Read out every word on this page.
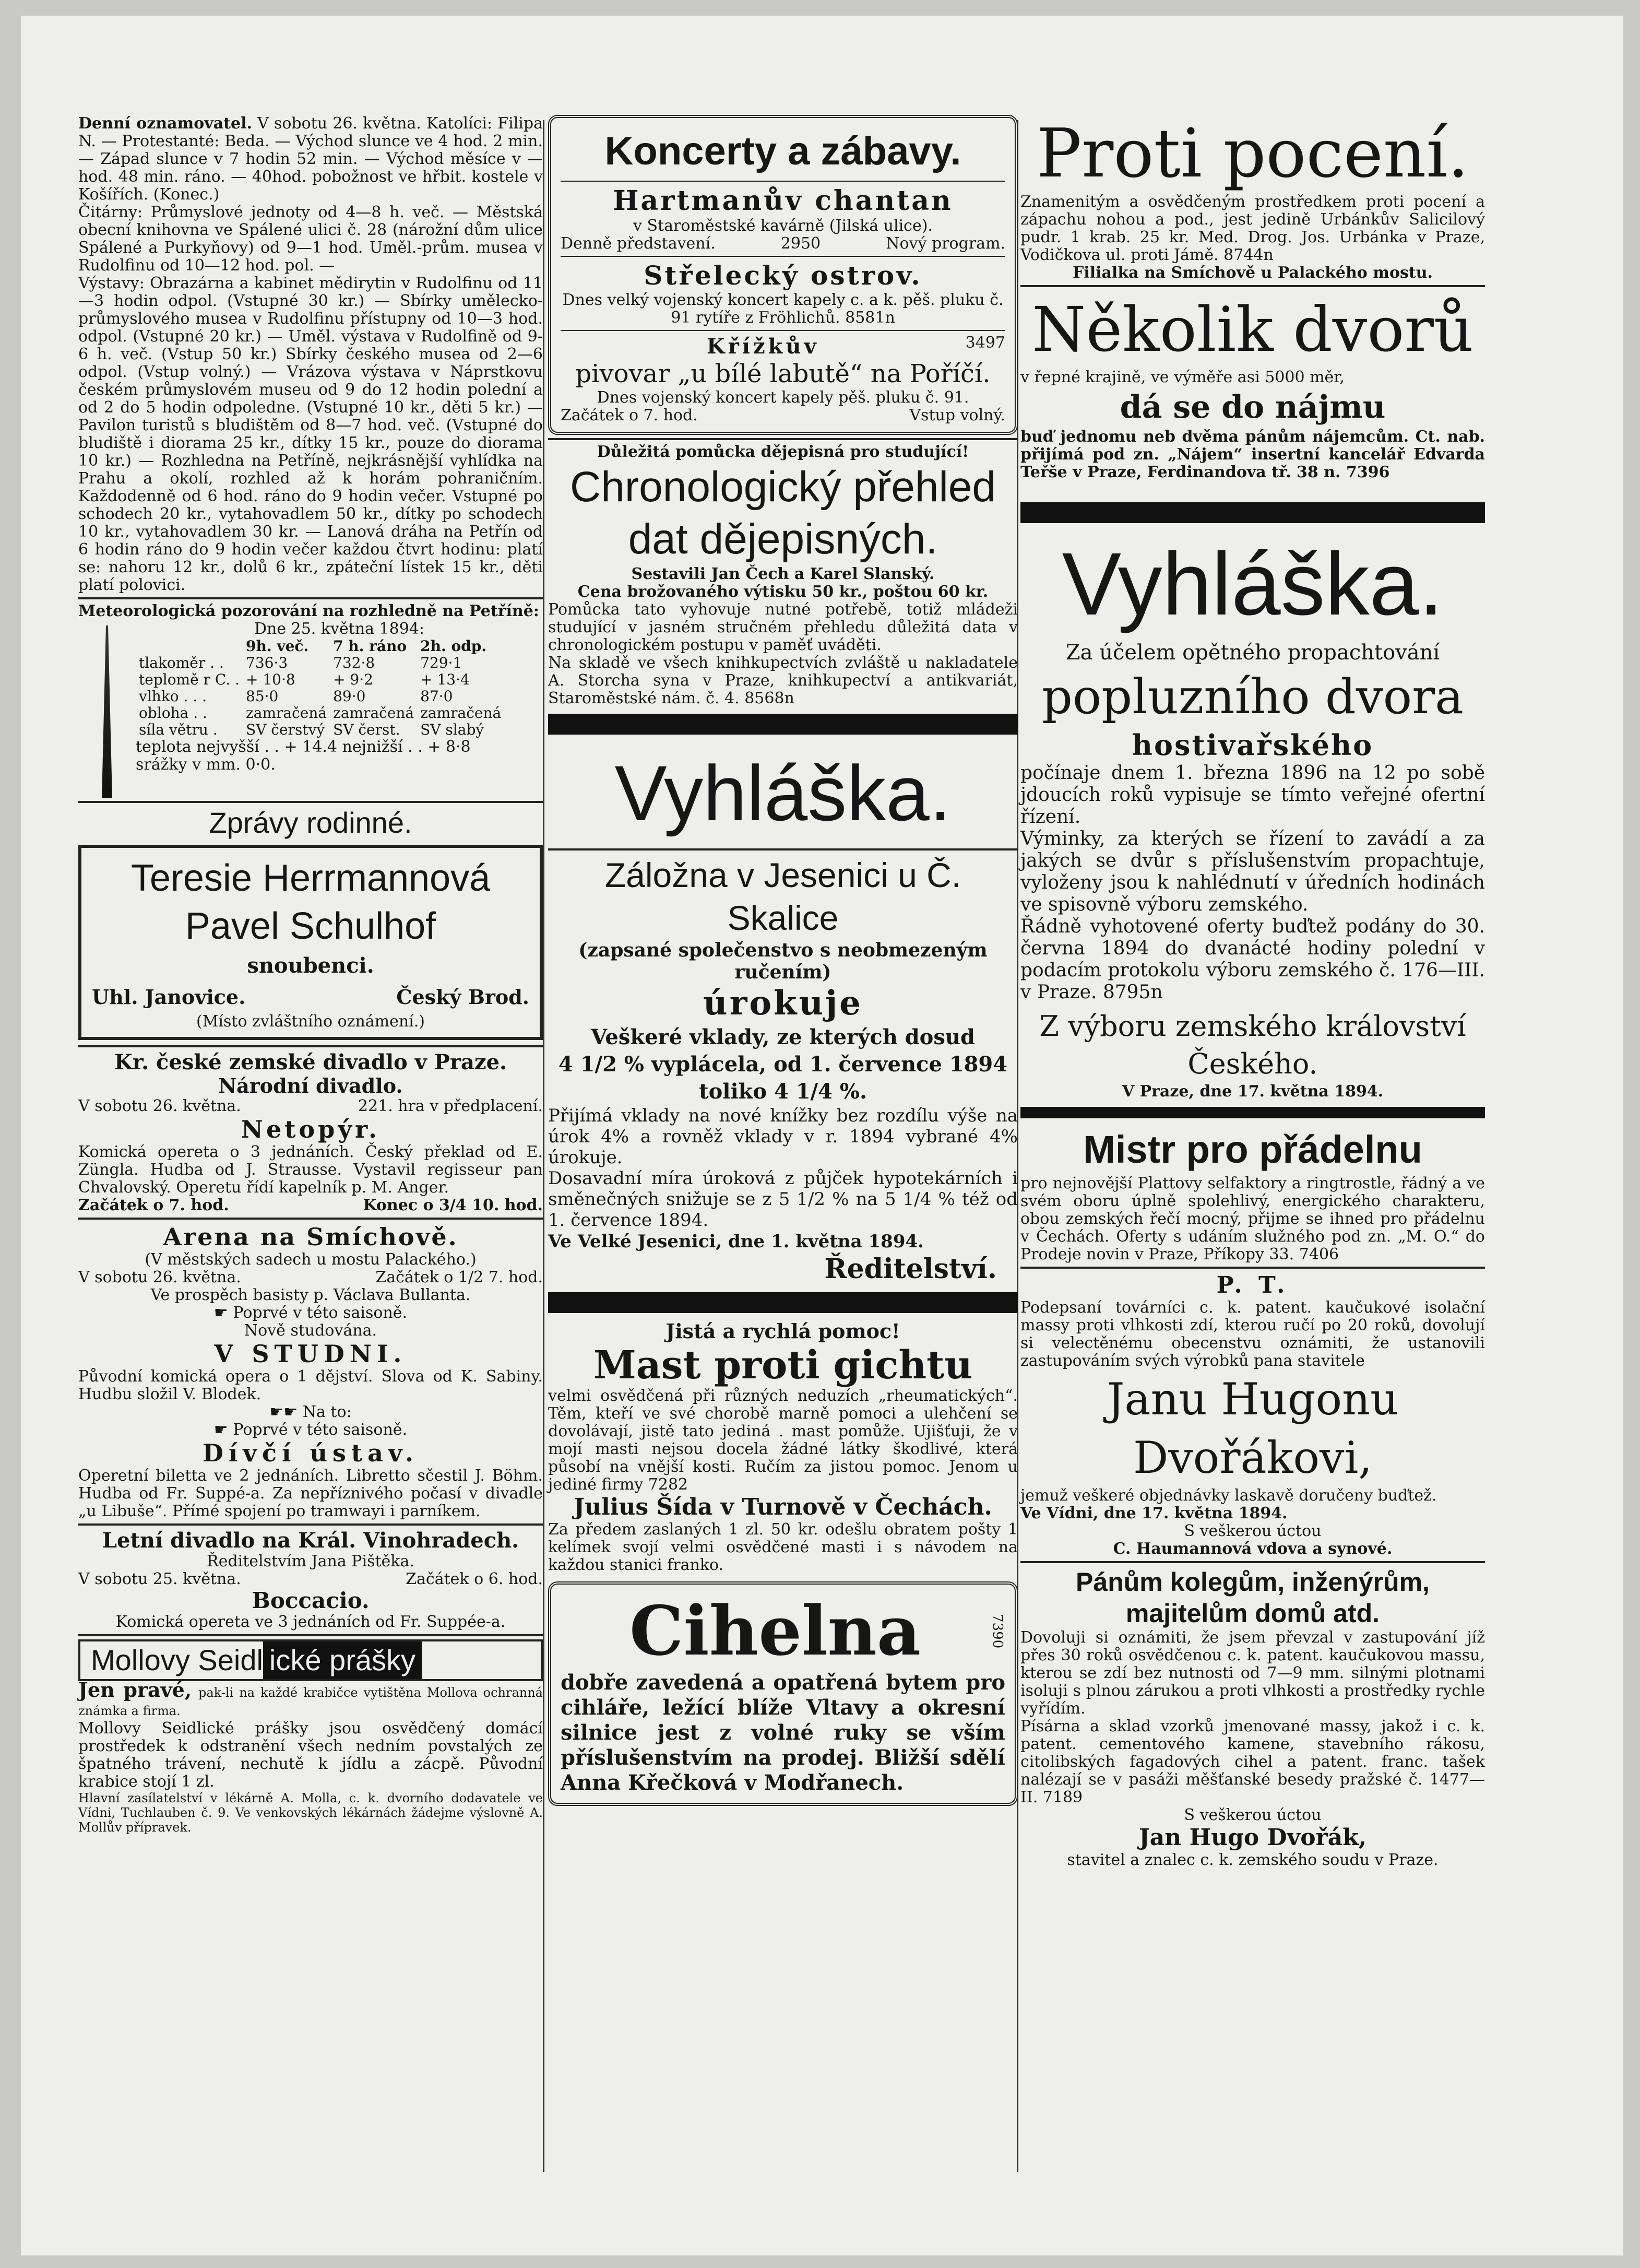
Denní oznamovatel. V sobotu 26. května. Katolíci: Filipa N. — Protestanté: Beda. — Východ slunce ve 4 hod. 2 min. — Západ slunce v 7 hodin 52 min. — Východ měsíce v — hod. 48 min. ráno. — 40hod. pobožnost ve hřbit. kostele v Košířích. (Konec.)

Čitárny: Průmyslové jednoty od 4—8 h. več. — Městská obecní knihovna ve Spálené ulici č. 28 (nárožní dům ulice Spálené a Purkyňovy) od 9—1 hod. Uměl.-prům. musea v Rudolfinu od 10—12 hod. pol. —

Výstavy: Obrazárna a kabinet mědirytin v Rudolfinu od 11—3 hodin odpol. (Vstupné 30 kr.) — Sbírky umělecko-průmyslového musea v Rudolfinu přístupny od 10—3 hod. odpol. (Vstupné 20 kr.) — Uměl. výstava v Rudolfině od 9-6 h. več. (Vstup 50 kr.) Sbírky českého musea od 2—6 odpol. (Vstup volný.) — Vrázova výstava v Náprstkovu českém průmyslovém museu od 9 do 12 hodin polední a od 2 do 5 hodin odpoledne. (Vstupné 10 kr., děti 5 kr.) — Pavilon turistů s bludištěm od 8—7 hod. več. (Vstupné do bludiště i diorama 25 kr., dítky 15 kr., pouze do diorama 10 kr.) — Rozhledna na Petříně, nejkrásnější vyhlídka na Prahu a okolí, rozhled až k horám pohraničním. Každodenně od 6 hod. ráno do 9 hodin večer. Vstupné po schodech 20 kr., vytahovadlem 50 kr., dítky po schodech 10 kr., vytahovadlem 30 kr. — Lanová dráha na Petřín od 6 hodin ráno do 9 hodin večer každou čtvrt hodinu: platí se: nahoru 12 kr., dolů 6 kr., zpáteční lístek 15 kr., děti platí polovici.

Meteorologická pozorování na rozhledně na Petříně:

Dne 25. května 1894:

	9h. več.	7 h. ráno	2h. odp.
tlakoměr . .	736·3	732·8	729·1
teplomě r C. .	+ 10·8	+ 9·2	+ 13·4
vlhko . . .	85·0	89·0	87·0
obloha . .	zamračená	zamračená	zamračená
síla větru .	SV čerstvý	SV čerst.	SV slabý

teplota nejvyšší . . + 14.4 nejnižší . . + 8·8

srážky v mm. 0·0.

Zprávy rodinné.

Teresie Herrmannová

Pavel Schulhof

snoubenci.

Uhl. Janovice.	Český Brod.

(Místo zvláštního oznámení.)

Kr. české zemské divadlo v Praze.

Národní divadlo.

V sobotu 26. května.	221. hra v předplacení.

Netopýr.

Komická opereta o 3 jednáních. Český překlad od E. Züngla. Hudba od J. Strausse. Vystavil regisseur pan Chvalovský. Operetu řídí kapelník p. M. Anger.

Začátek o 7. hod.	Konec o 3/4 10. hod.

Arena na Smíchově.

(V městských sadech u mostu Palackého.)

V sobotu 26. května.	Začátek o 1/2 7. hod.

Ve prospěch basisty p. Václava Bullanta.

☛ Poprvé v této saisoně.

Nově studována.

V STUDNI.

Původní komická opera o 1 dějství. Slova od K. Sabiny. Hudbu složil V. Blodek.

☛☛ Na to:

☛ Poprvé v této saisoně.

Dívčí ústav.

Operetní biletta ve 2 jednáních. Libretto sčestil J. Böhm. Hudba od Fr. Suppé-a. Za nepříznivého počasí v divadle „u Libuše“. Přímé spojení po tramwayi i parníkem.

Letní divadlo na Král. Vinohradech.

Ředitelstvím Jana Pištěka.

V sobotu 25. května.	Začátek o 6. hod.

Boccacio.

Komická opereta ve 3 jednáních od Fr. Suppée-a.

Mollovy Seidl ické prášky

Jen pravé, pak-li na každé krabičce vytištěna Mollova ochranná známka a firma.

Mollovy Seidlické prášky jsou osvědčený domácí prostředek k odstranění všech nedním povstalých ze špatného trávení, nechutě k jídlu a zácpě. Původní krabice stojí 1 zl.

Hlavní zasílatelství v lékárně A. Molla, c. k. dvorního dodavatele ve Vídni, Tuchlauben č. 9. Ve venkovských lékárnách žádejme výslovně A. Mollův přípravek.

Koncerty a zábavy.

Hartmanův chantan

v Staroměstské kavárně (Jilská ulice).

Denně představení.	2950	Nový program.

Střelecký ostrov.

Dnes velký vojenský koncert kapely c. a k. pěš. pluku č. 91 rytíře z Fröhlichů. 8581n

Křížkův	3497

pivovar „u bílé labutě“ na Poříčí.

Dnes vojenský koncert kapely pěš. pluku č. 91.

Začátek o 7. hod.	Vstup volný.

Důležitá pomůcka dějepisná pro studující!

Chronologický přehled

dat dějepisných.

Sestavili Jan Čech a Karel Slanský.

Cena brožovaného výtisku 50 kr., poštou 60 kr.

Pomůcka tato vyhovuje nutné potřebě, totiž mládeži studující v jasném stručném přehledu důležitá data v chronologickém postupu v paměť uváděti.

Na skladě ve všech knihkupectvích zvláště u nakladatele A. Storcha syna v Praze, knihkupectví a antikvariát, Staroměstské nám. č. 4. 8568n

Vyhláška.

Záložna v Jesenici u Č. Skalice

(zapsané společenstvo s neobmezeným ručením)

úrokuje

Veškeré vklady, ze kterých dosud

4 1/2 % vyplácela, od 1. července 1894

toliko 4 1/4 %.

Přijímá vklady na nové knížky bez rozdílu výše na úrok 4% a rovněž vklady v r. 1894 vybrané 4% úrokuje.

Dosavadní míra úroková z půjček hypotekárních i směnečných snižuje se z 5 1/2 % na 5 1/4 % též od 1. července 1894.

Ve Velké Jesenici, dne 1. května 1894.

Ředitelství.

Jistá a rychlá pomoc!

Mast proti gichtu

velmi osvědčená při různých neduzích „rheumatických“. Těm, kteří ve své chorobě marně pomoci a ulehčení se dovolávají, jistě tato jediná . mast pomůže. Ujišťuji, že v mojí masti nejsou docela žádné látky škodlivé, která působí na vnější kosti. Ručím za jistou pomoc. Jenom u jediné firmy 7282

Julius Šída v Turnově v Čechách.

Za předem zaslaných 1 zl. 50 kr. odešlu obratem pošty 1 kelímek svojí velmi osvědčené masti i s návodem na každou stanici franko.

Cihelna	7390

dobře zavedená a opatřená bytem pro cihláře, ležící blíže Vltavy a okresní silnice jest z volné ruky se vším příslušenstvím na prodej. Bližší sdělí Anna Křečková v Modřanech.

Proti pocení.

Znamenitým a osvědčeným prostředkem proti pocení a zápachu nohou a pod., jest jedině Urbánkův Salicilový pudr. 1 krab. 25 kr. Med. Drog. Jos. Urbánka v Praze, Vodičkova ul. proti Jámě. 8744n

Filialka na Smíchově u Palackého mostu.

Několik dvorů

v řepné krajině, ve výměře asi 5000 měr,

dá se do nájmu

buď jednomu neb dvěma pánům nájemcům. Ct. nab. přijímá pod zn. „Nájem“ insertní kancelář Edvarda Teřše v Praze, Ferdinandova tř. 38 n. 7396

Vyhláška.

Za účelem opětného propachtování

popluzního dvora

hostivařského

počínaje dnem 1. března 1896 na 12 po sobě jdoucích roků vypisuje se tímto veřejné ofertní řízení.

Výminky, za kterých se řízení to zavádí a za jakých se dvůr s příslušenstvím propachtuje, vyloženy jsou k nahlédnutí v úředních hodinách ve spisovně výboru zemského.

Řádně vyhotovené oferty buďtež podány do 30. června 1894 do dvanácté hodiny polední v podacím protokolu výboru zemského č. 176—III. v Praze. 8795n

Z výboru zemského království Českého.

V Praze, dne 17. května 1894.

Mistr pro přádelnu

pro nejnovější Plattovy selfaktory a ringtrostle, řádný a ve svém oboru úplně spolehlivý, energického charakteru, obou zemských řečí mocný, přijme se ihned pro přádelnu v Čechách. Oferty s udáním služného pod zn. „M. O.“ do Prodeje novin v Praze, Příkopy 33. 7406

P. T.

Podepsaní továrníci c. k. patent. kaučukové isolační massy proti vlhkosti zdí, kterou ručí po 20 roků, dovolují si velectěnému obecenstvu oznámiti, že ustanovili zastupováním svých výrobků pana stavitele

Janu Hugonu Dvořákovi,

jemuž veškeré objednávky laskavě doručeny buďtež.

Ve Vídni, dne 17. května 1894.

S veškerou úctou

C. Haumannová vdova a synové.

Pánům kolegům, inženýrům, majitelům domů atd.

Dovoluji si oznámiti, že jsem převzal v zastupování jíž přes 30 roků osvědčenou c. k. patent. kaučukovou massu, kterou se zdí bez nutnosti od 7—9 mm. silnými plotnami isoluji s plnou zárukou a proti vlhkosti a prostředky rychle vyřídím.

Písárna a sklad vzorků jmenované massy, jakož i c. k. patent. cementového kamene, stavebního rákosu, citolibských fagadových cihel a patent. franc. tašek nalézají se v pasáži měšťanské besedy pražské č. 1477—II. 7189

S veškerou úctou

Jan Hugo Dvořák,

stavitel a znalec c. k. zemského soudu v Praze.
